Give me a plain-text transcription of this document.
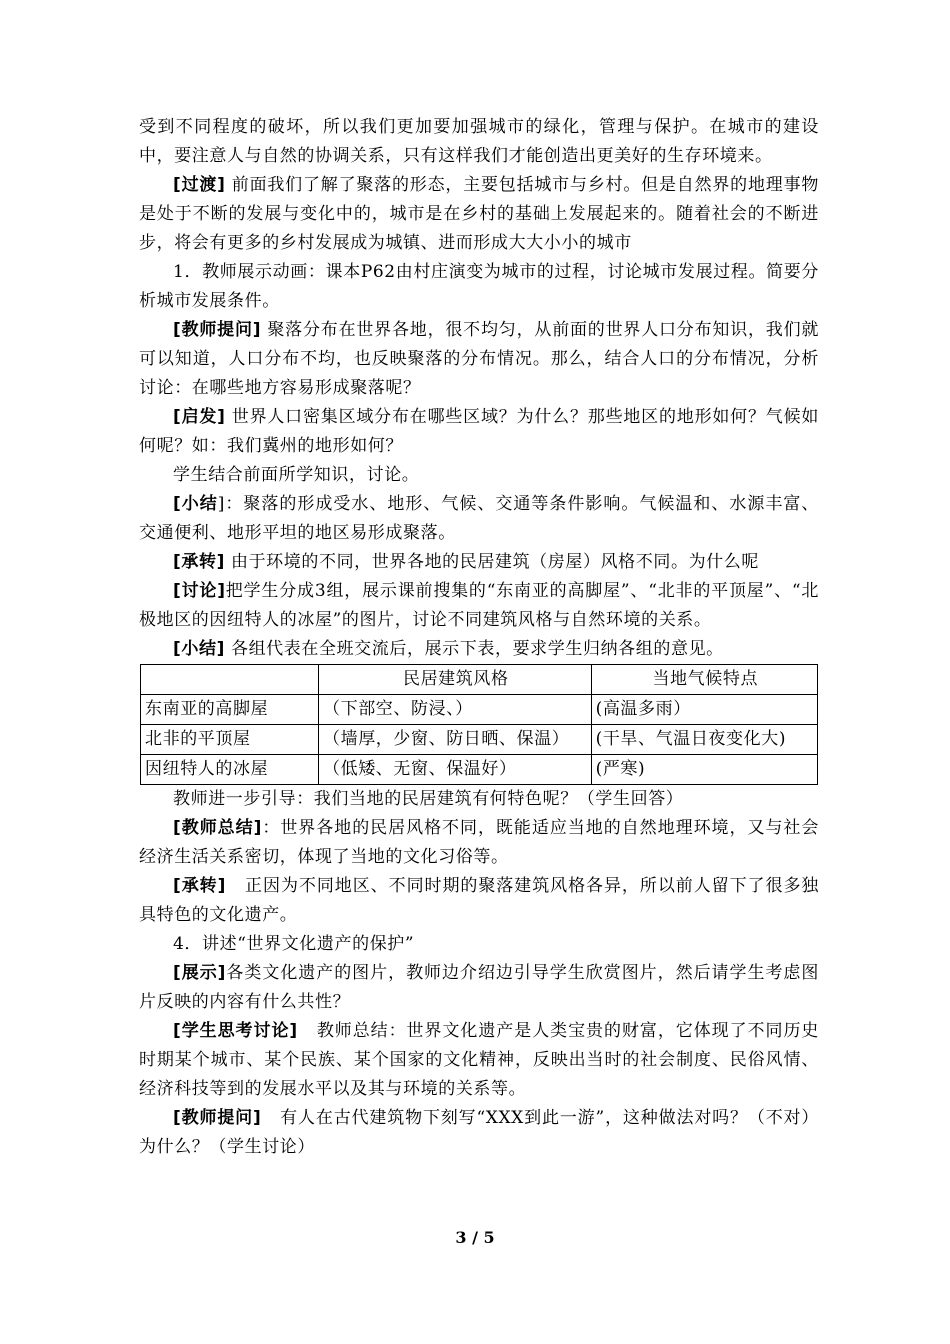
受到不同程度的破坏，所以我们更加要加强城市的绿化，管理与保护。在城市的建设中，要注意人与自然的协调关系，只有这样我们才能创造出更美好的生存环境来。

[过渡] 前面我们了解了聚落的形态，主要包括城市与乡村。但是自然界的地理事物是处于不断的发展与变化中的，城市是在乡村的基础上发展起来的。随着社会的不断进步，将会有更多的乡村发展成为城镇、进而形成大大小小的城市

1．教师展示动画：课本P62由村庄演变为城市的过程，讨论城市发展过程。简要分析城市发展条件。

[教师提问] 聚落分布在世界各地，很不均匀，从前面的世界人口分布知识，我们就可以知道，人口分布不均，也反映聚落的分布情况。那么，结合人口的分布情况，分析讨论：在哪些地方容易形成聚落呢？

[启发] 世界人口密集区域分布在哪些区域？为什么？那些地区的地形如何？气候如何呢？如：我们冀州的地形如何？

学生结合前面所学知识，讨论。

[小结]：聚落的形成受水、地形、气候、交通等条件影响。气候温和、水源丰富、交通便利、地形平坦的地区易形成聚落。

[承转] 由于环境的不同，世界各地的民居建筑（房屋）风格不同。为什么呢

[讨论]把学生分成3组，展示课前搜集的“东南亚的高脚屋”、“北非的平顶屋”、“北极地区的因纽特人的冰屋”的图片，讨论不同建筑风格与自然环境的关系。

[小结] 各组代表在全班交流后，展示下表，要求学生归纳各组的意见。

	民居建筑风格	当地气候特点
东南亚的高脚屋	（下部空、防浸、）	(高温多雨）
北非的平顶屋	（墙厚，少窗、防日晒、保温）	(干旱、气温日夜变化大)
因纽特人的冰屋	（低矮、无窗、保温好）	(严寒)

教师进一步引导：我们当地的民居建筑有何特色呢？（学生回答）

[教师总结]：世界各地的民居风格不同，既能适应当地的自然地理环境，又与社会经济生活关系密切，体现了当地的文化习俗等。

[承转] 正因为不同地区、不同时期的聚落建筑风格各异，所以前人留下了很多独具特色的文化遗产。

4．讲述“世界文化遗产的保护”

[展示]各类文化遗产的图片，教师边介绍边引导学生欣赏图片，然后请学生考虑图片反映的内容有什么共性？

[学生思考讨论] 教师总结：世界文化遗产是人类宝贵的财富，它体现了不同历史时期某个城市、某个民族、某个国家的文化精神，反映出当时的社会制度、民俗风情、经济科技等到的发展水平以及其与环境的关系等。

[教师提问] 有人在古代建筑物下刻写“XXX到此一游”，这种做法对吗？（不对）为什么？（学生讨论）

3 / 5
